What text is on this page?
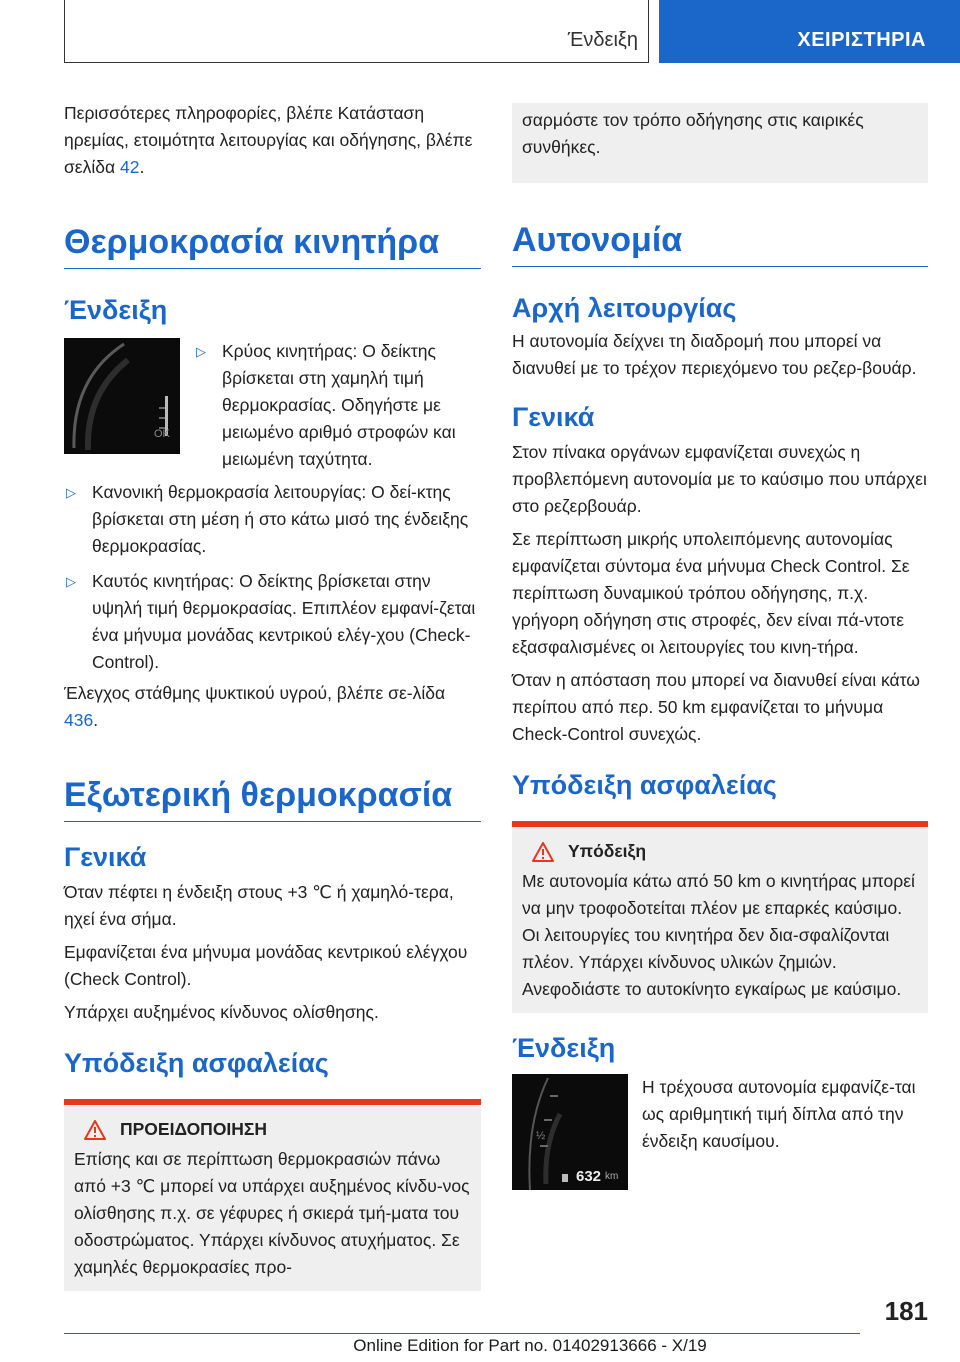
Ένδειξη	ΧΕΙΡΙΣΤΗΡΙΑ

Περισσότερες πληροφορίες, βλέπε Κατάσταση ηρεμίας, ετοιμότητα λειτουργίας και οδήγησης, βλέπε σελίδα 42.

Θερμοκρασία κινητήρα
Ένδειξη
OK
▷ Κρύος κινητήρας: Ο δείκτης βρίσκεται στη χαμηλή τιμή θερμοκρασίας. Οδηγήστε με μειωμένο αριθμό στροφών και μειωμένη ταχύτητα.

▷ Κανονική θερμοκρασία λειτουργίας: Ο δεί-κτης βρίσκεται στη μέση ή στο κάτω μισό της ένδειξης θερμοκρασίας.

▷ Καυτός κινητήρας: Ο δείκτης βρίσκεται στην υψηλή τιμή θερμοκρασίας. Επιπλέον εμφανί-ζεται ένα μήνυμα μονάδας κεντρικού ελέγ-χου (Check-Control).

Έλεγχος στάθμης ψυκτικού υγρού, βλέπε σε-λίδα 436.

Εξωτερική θερμοκρασία
Γενικά

Όταν πέφτει η ένδειξη στους +3 ℃ ή χαμηλό-τερα, ηχεί ένα σήμα.

Εμφανίζεται ένα μήνυμα μονάδας κεντρικού ελέγχου (Check Control).

Υπάρχει αυξημένος κίνδυνος ολίσθησης.

Υπόδειξη ασφαλείας
ΠΡΟΕΙΔΟΠΟΙΗΣΗ

Επίσης και σε περίπτωση θερμοκρασιών πάνω από +3 ℃ μπορεί να υπάρχει αυξημένος κίνδυ-νος ολίσθησης π.χ. σε γέφυρες ή σκιερά τμή-ματα του οδοστρώματος. Υπάρχει κίνδυνος ατυχήματος. Σε χαμηλές θερμοκρασίες προ-

σαρμόστε τον τρόπο οδήγησης στις καιρικές συνθήκες.

Αυτονομία
Αρχή λειτουργίας

Η αυτονομία δείχνει τη διαδρομή που μπορεί να διανυθεί με το τρέχον περιεχόμενο του ρεζερ-βουάρ.

Γενικά

Στον πίνακα οργάνων εμφανίζεται συνεχώς η προβλεπόμενη αυτονομία με το καύσιμο που υπάρχει στο ρεζερβουάρ.

Σε περίπτωση μικρής υπολειπόμενης αυτονομίας εμφανίζεται σύντομα ένα μήνυμα Check Control. Σε περίπτωση δυναμικού τρόπου οδήγησης, π.χ. γρήγορη οδήγηση στις στροφές, δεν είναι πά-ντοτε εξασφαλισμένες οι λειτουργίες του κινη-τήρα.

Όταν η απόσταση που μπορεί να διανυθεί είναι κάτω περίπου από περ. 50 km εμφανίζεται το μήνυμα Check-Control συνεχώς.

Υπόδειξη ασφαλείας
Υπόδειξη

Με αυτονομία κάτω από 50 km ο κινητήρας μπορεί να μην τροφοδοτείται πλέον με επαρκές καύσιμο. Οι λειτουργίες του κινητήρα δεν δια-σφαλίζονται πλέον. Υπάρχει κίνδυνος υλικών ζημιών. Ανεφοδιάστε το αυτοκίνητο εγκαίρως με καύσιμο.

Ένδειξη
½
632 km

Η τρέχουσα αυτονομία εμφανίζε-ται ως αριθμητική τιμή δίπλα από την ένδειξη καυσίμου.

181
Online Edition for Part no. 01402913666 - X/19
